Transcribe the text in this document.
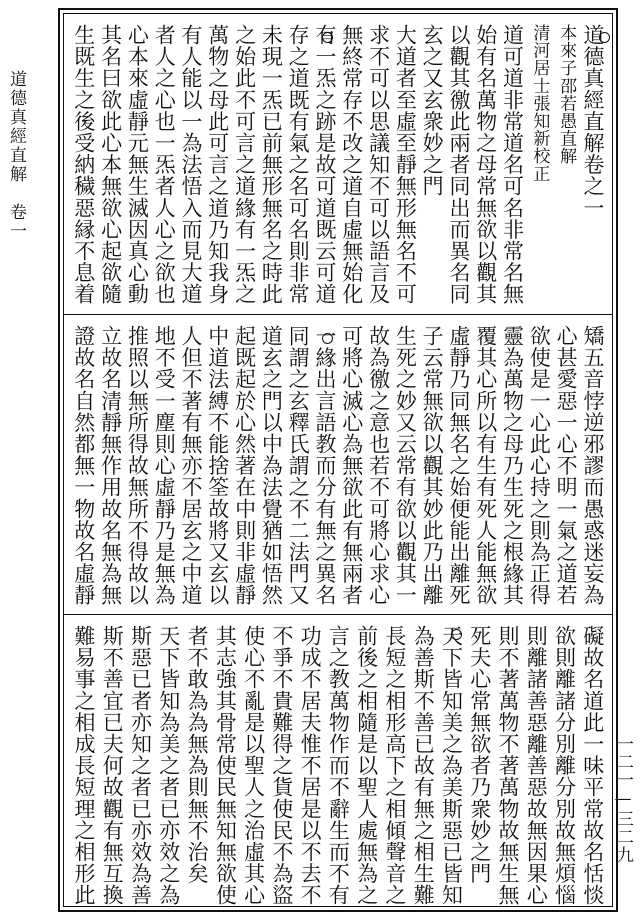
一二一—三二九
道德真經直解　卷一	道德真經直解卷之一
本來子邵若愚直解
清河居士張知新校正
道可道非常道名可名非常名無
始有名萬物之母常無欲以觀其
以觀其徼此兩者同出而異名同
玄之又玄衆妙之門
大道者至虛至靜無形無名不可
求不可以思議知不可以語言及
無終常存不改之道自虛無始化
有一炁之跡是故可道既云可道
存之道既有氣之名可名則非常
未現一炁已前無形無名之時此
之始此不可言之道緣有一炁之
萬物之母此可言之道乃知我身
有人能以一為法悟入而見大道
者人之心也一炁者人心之欲也
心本來虛靜元無生滅因真心動
其名曰欲此心本無欲心起欲隨
生既生之後受納穢惡縁不息着
矯五音悖逆邪謬而愚惑迷妄為
心甚愛惡一心不明一氣之道若
欲使是一心此心持之則為正得
靈為萬物之母乃生死之根緣其
覆其心所以有生有死人能無欲
虛靜乃同無名之始便能出離死
子云常無欲以觀其妙此乃出離
生死之妙又云常有欲以觀其一
故為徼之意也若不可將心求心
可將心滅心為無欲此有無兩者
一緣出言語教而分有無之異名
同謂之玄釋氏謂之不二法門又
道玄之門以中為法覺猶如悟然
起既起於心然著在中則非虛靜
中道法縛不能捨筌故將又玄以
人但不著有無亦不居玄之中道
地不受一塵則心虛靜乃是無為
推照以無所得故無所不得故以
立故名清靜無作用故名無為無
證故名自然都無一物故名虛靜
礙故名道此一味平常故名恬惔
欲則離諸分別離分別故無煩惱
則離諸善惡離善惡故無因果心
則不著萬物不著萬物故無生無
死夫心常無欲者乃衆妙之門
天下皆知美之為美斯惡已皆知
為善斯不善已故有無之相生難
長短之相形高下之相傾聲音之
前後之相隨是以聖人處無為之
言之教萬物作而不辭生而不有
功成不居夫惟不居是以不去不
不爭不貴難得之貨使民不為盜
使心不亂是以聖人之治虛其心
其志強其骨常使民無知無欲使
者不敢為為無為則無不治矣
天下皆知為美之者已亦效之為
斯惡已者亦知之者已亦效為善
斯不善宜已夫何故觀有無互換
難易事之相成長短理之相形此
